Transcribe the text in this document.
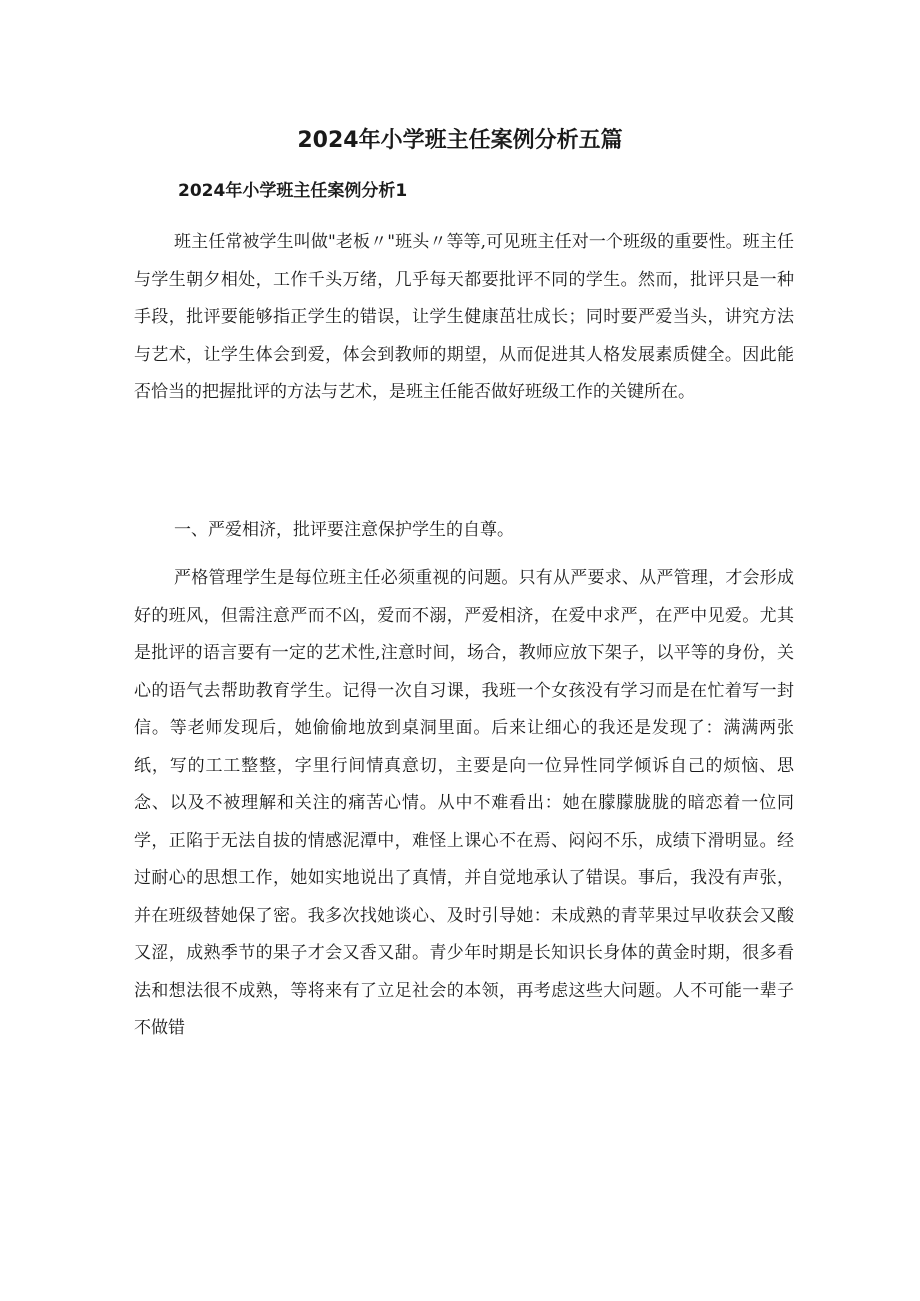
2024年小学班主任案例分析五篇
2024年小学班主任案例分析1

班主任常被学生叫做"老板〃"班头〃等等,可见班主任对一个班级的重要性。班主任与学生朝夕相处，工作千头万绪，几乎每天都要批评不同的学生。然而，批评只是一种手段，批评要能够指正学生的错误，让学生健康茁壮成长；同时要严爱当头，讲究方法与艺术，让学生体会到爱，体会到教师的期望，从而促进其人格发展素质健全。因此能否恰当的把握批评的方法与艺术，是班主任能否做好班级工作的关键所在。

一、严爱相济，批评要注意保护学生的自尊。

严格管理学生是每位班主任必须重视的问题。只有从严要求、从严管理，才会形成好的班风，但需注意严而不凶，爱而不溺，严爱相济，在爱中求严，在严中见爱。尤其是批评的语言要有一定的艺术性,注意时间，场合，教师应放下架子，以平等的身份，关心的语气去帮助教育学生。记得一次自习课，我班一个女孩没有学习而是在忙着写一封信。等老师发现后，她偷偷地放到桌洞里面。后来让细心的我还是发现了：满满两张纸，写的工工整整，字里行间情真意切，主要是向一位异性同学倾诉自己的烦恼、思念、以及不被理解和关注的痛苦心情。从中不难看出：她在朦朦胧胧的暗恋着一位同学，正陷于无法自拔的情感泥潭中，难怪上课心不在焉、闷闷不乐，成绩下滑明显。经过耐心的思想工作，她如实地说出了真情，并自觉地承认了错误。事后，我没有声张，并在班级替她保了密。我多次找她谈心、及时引导她：未成熟的青苹果过早收获会又酸又涩，成熟季节的果子才会又香又甜。青少年时期是长知识长身体的黄金时期，很多看法和想法很不成熟，等将来有了立足社会的本领，再考虑这些大问题。人不可能一辈子不做错
